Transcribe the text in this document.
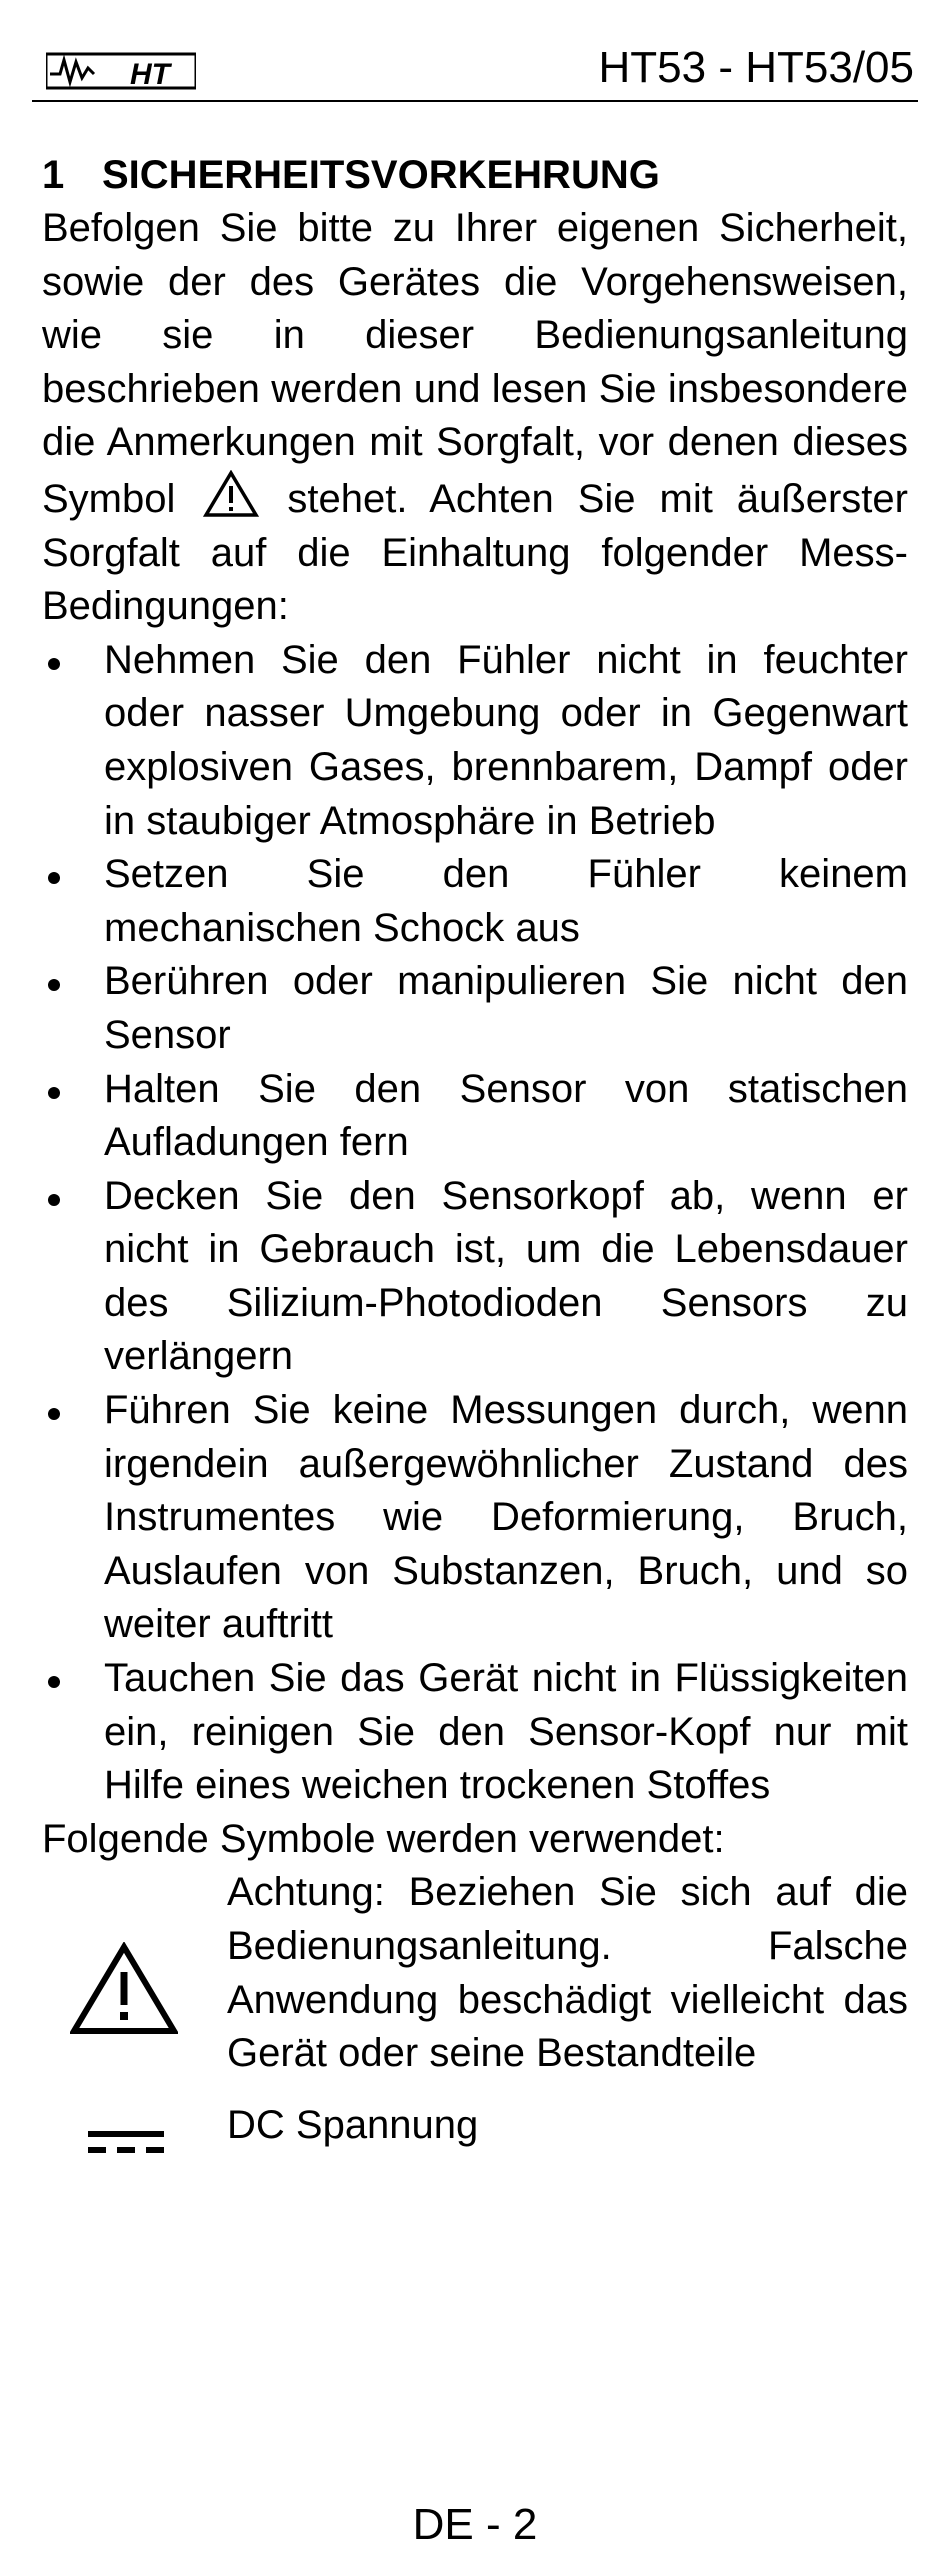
HT	HT53 - HT53/05
1 SICHERHEITSVORKEHRUNG

Befolgen Sie bitte zu Ihrer eigenen Sicherheit, sowie der des Gerätes die Vorgehensweisen, wie sie in dieser Bedienungsanleitung beschrieben werden und lesen Sie insbesondere die Anmerkungen mit Sorgfalt, vor denen dieses Symbol	stehet. Achten Sie mit äußerster Sorgfalt auf die Einhaltung folgender Mess-Bedingungen:

Nehmen Sie den Fühler nicht in feuchter oder nasser Umgebung oder in Gegenwart explosiven Gases, brennbarem, Dampf oder in staubiger Atmosphäre in Betrieb
Setzen Sie den Fühler keinem mechanischen Schock aus
Berühren oder manipulieren Sie nicht den Sensor
Halten Sie den Sensor von statischen Aufladungen fern
Decken Sie den Sensorkopf ab, wenn er nicht in Gebrauch ist, um die Lebensdauer des Silizium-Photodioden Sensors zu verlängern
Führen Sie keine Messungen durch, wenn irgendein außergewöhnlicher Zustand des Instrumentes wie Deformierung, Bruch, Auslaufen von Substanzen, Bruch, und so weiter auftritt
Tauchen Sie das Gerät nicht in Flüssigkeiten ein, reinigen Sie den Sensor-Kopf nur mit Hilfe eines weichen trockenen Stoffes

Folgende Symbole werden verwendet:

Achtung: Beziehen Sie sich auf die Bedienungsanleitung. Falsche Anwendung beschädigt vielleicht das Gerät oder seine Bestandteile
DC Spannung
DE - 2
